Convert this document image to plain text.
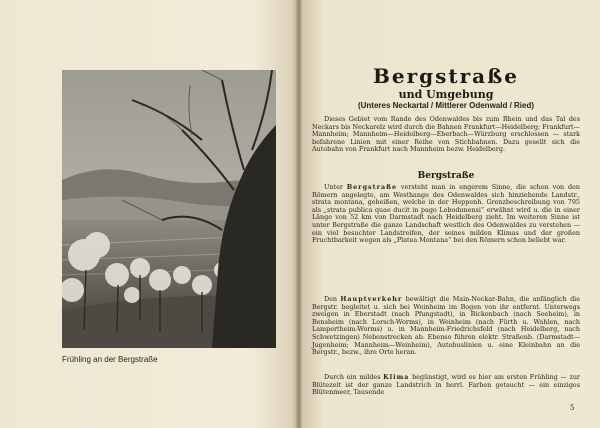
Frühling an der Bergstraße
Bergstraße
und Umgebung
(Unteres Neckartal / Mittlerer Odenwald / Ried)

Dieses Gebiet vom Rande des Odenwaldes bis zum Rhein und das Tal des Neckars bis Neckarelz wird durch die Bahnen Frankfurt—Heidelberg; Frankfurt—Mannheim; Mannheim—Heidelberg—Eberbach—Würzburg erschlossen — stark befahrene Linien mit einer Reihe von Stichbahnen. Dazu gesellt sich die Autobahn von Frankfurt nach Mannheim bezw. Heidelberg.

Bergstraße

Unter Bergstraße versteht man in engerem Sinne, die schon von den Römern angelegte, am Westhange des Odenwaldes sich hinziehende Landstr., strata montana, geheißen, welche in der Heppenh. Grenzbeschreibung von 795 als „strata publica quae ducit in pago Lobodunensi“ erwähnt wird u. die in einer Länge von 52 km von Darmstadt nach Heidelberg zieht. Im weiteren Sinne ist unter Bergstraße die ganze Landschaft westlich des Odenwaldes zu verstehen — ein viel besuchter Landstreifen, der seines milden Klimas und der großen Fruchtbarkeit wegen als „Platea Montana“ bei den Römern schon beliebt war.

Den Hauptverkehr bewältigt die Main-Neckar-Bahn, die anfänglich die Bergstr. begleitet u. sich bei Weinheim im Bogen von ihr entfernt. Unterwegs zweigen in Eberstadt (nach Pfungstadt), in Bickenbach (nach Seeheim), in Bensheim (nach Lorsch-Worms), in Weinheim (nach Fürth u. Wahlen, nach Lampertheim-Worms) u. in Mannheim-Friedrichsfeld (nach Heidelberg, nach Schwetzingen) Nebenstrecken ab. Ebenso führen elektr. Straßenb. (Darmstadt—Jugenheim; Mannheim—Weinheim), Autobuslinien u. eine Kleinbahn an die Bergstr., bezw., ihre Orte heran.

Durch ein mildes Klima begünstigt, wird es hier am ersten Frühling — zur Blütezeit ist der ganze Landstrich in herrl. Farben getaucht — ein einziges Blütenmeer, Tausende

5
